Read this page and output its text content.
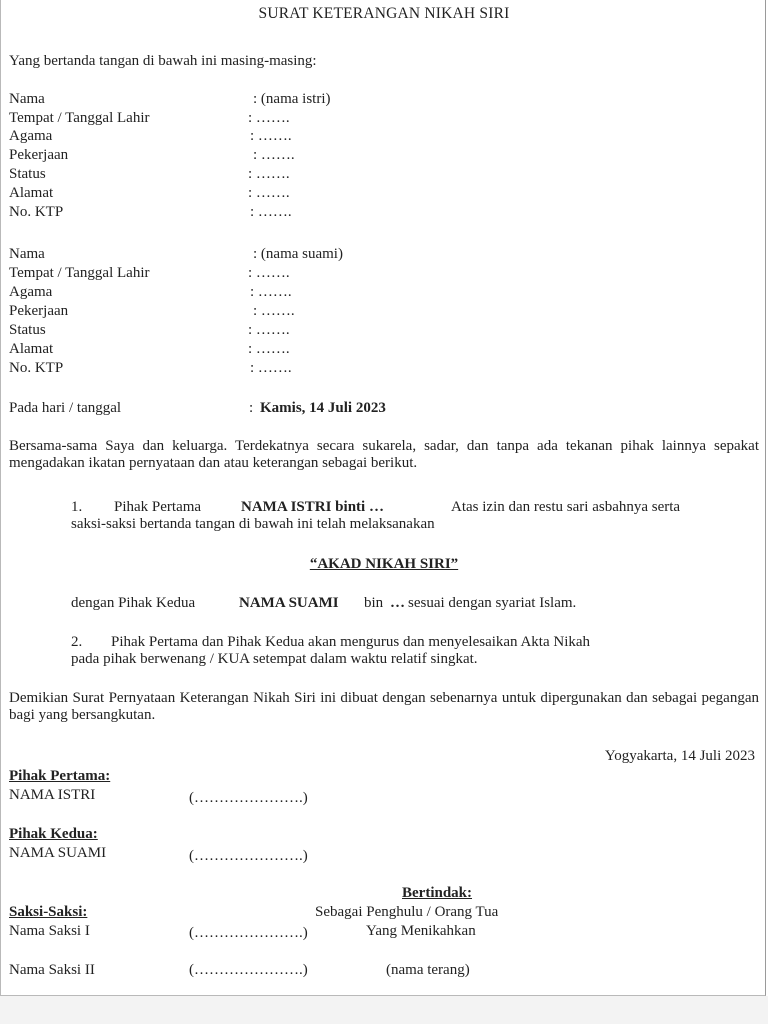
SURAT KETERANGAN NIKAH SIRI
Yang bertanda tangan di bawah ini masing-masing:
Nama	: (nama istri)
Tempat / Tanggal Lahir	: …….
Agama	: …….
Pekerjaan	: …….
Status	: …….
Alamat	: …….
No. KTP	: …….
Nama	: (nama suami)
Tempat / Tanggal Lahir	: …….
Agama	: …….
Pekerjaan	: …….
Status	: …….
Alamat	: …….
No. KTP	: …….
Pada hari / tanggal	: Kamis, 14 Juli 2023
Bersama-sama Saya dan keluarga. Terdekatnya secara sukarela, sadar, dan tanpa ada tekanan pihak lainnya sepakat mengadakan ikatan pernyataan dan atau keterangan sebagai berikut.
1. Pihak Pertama	NAMA ISTRI binti …	Atas izin dan restu sari asbahnya serta
saksi-saksi bertanda tangan di bawah ini telah melaksanakan
“AKAD NIKAH SIRI”
dengan Pihak Kedua	NAMA SUAMI bin … sesuai dengan syariat Islam.
2. Pihak Pertama dan Pihak Kedua akan mengurus dan menyelesaikan Akta Nikah
pada pihak berwenang / KUA setempat dalam waktu relatif singkat.
Demikian Surat Pernyataan Keterangan Nikah Siri ini dibuat dengan sebenarnya untuk dipergunakan dan sebagai pegangan bagi yang bersangkutan.
Yogyakarta, 14 Juli 2023
Pihak Pertama:
NAMA ISTRI	(………………….)
Pihak Kedua:
NAMA SUAMI	(………………….)
Bertindak:
Saksi-Saksi:	Sebagai Penghulu / Orang Tua
Nama Saksi I	(………………….)	Yang Menikahkan
Nama Saksi II	(………………….)	(nama terang)
